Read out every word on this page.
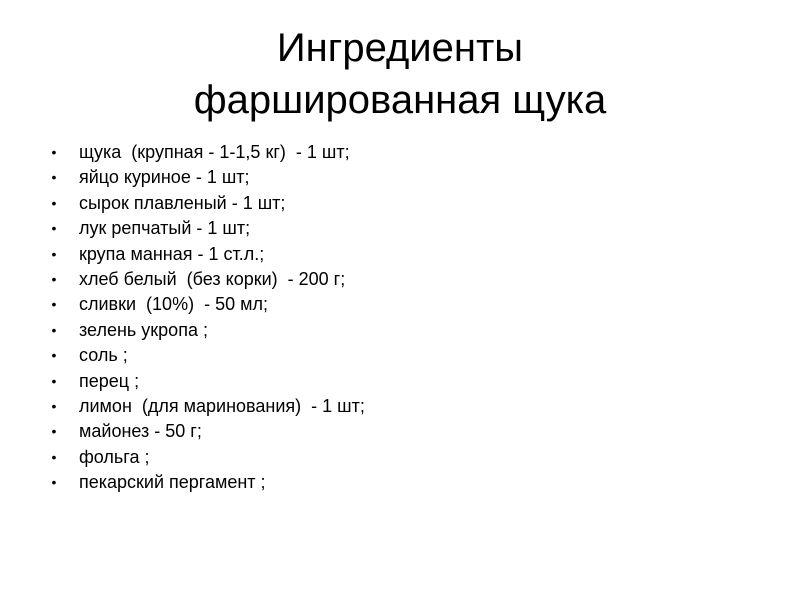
Ингредиенты
фаршированная щука
• щука  (крупная - 1-1,5 кг)  - 1 шт;
• яйцо куриное - 1 шт;
• сырок плавленый - 1 шт;
• лук репчатый - 1 шт;
• крупа манная - 1 ст.л.;
• хлеб белый  (без корки)  - 200 г;
• сливки  (10%)  - 50 мл;
• зелень укропа ;
• соль ;
• перец ;
• лимон  (для маринования)  - 1 шт;
• майонез - 50 г;
• фольга ;
• пекарский пергамент ;
